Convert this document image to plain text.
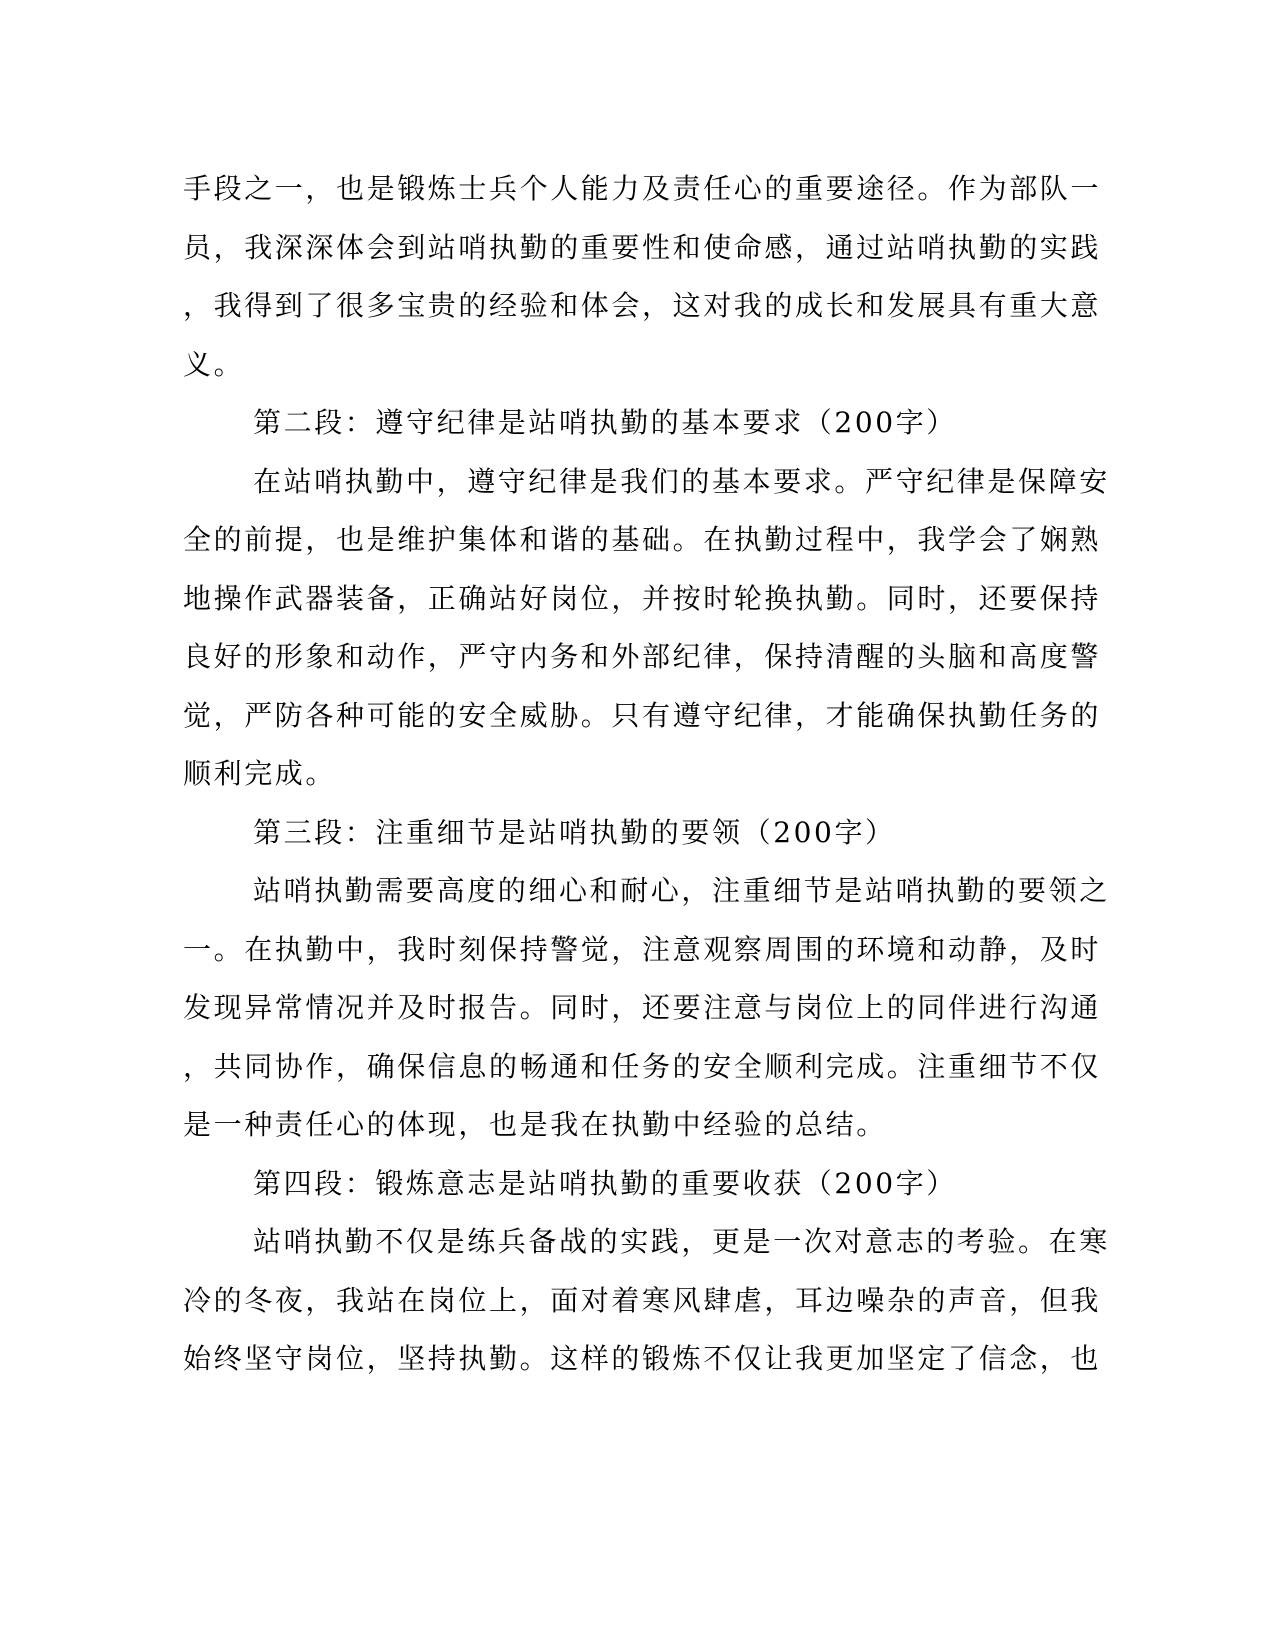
手段之一，也是锻炼士兵个人能力及责任心的重要途径。作为部队一
员，我深深体会到站哨执勤的重要性和使命感，通过站哨执勤的实践
，我得到了很多宝贵的经验和体会，这对我的成长和发展具有重大意
义。
第二段：遵守纪律是站哨执勤的基本要求（200字）
在站哨执勤中，遵守纪律是我们的基本要求。严守纪律是保障安
全的前提，也是维护集体和谐的基础。在执勤过程中，我学会了娴熟
地操作武器装备，正确站好岗位，并按时轮换执勤。同时，还要保持
良好的形象和动作，严守内务和外部纪律，保持清醒的头脑和高度警
觉，严防各种可能的安全威胁。只有遵守纪律，才能确保执勤任务的
顺利完成。
第三段：注重细节是站哨执勤的要领（200字）
站哨执勤需要高度的细心和耐心，注重细节是站哨执勤的要领之
一。在执勤中，我时刻保持警觉，注意观察周围的环境和动静，及时
发现异常情况并及时报告。同时，还要注意与岗位上的同伴进行沟通
，共同协作，确保信息的畅通和任务的安全顺利完成。注重细节不仅
是一种责任心的体现，也是我在执勤中经验的总结。
第四段：锻炼意志是站哨执勤的重要收获（200字）
站哨执勤不仅是练兵备战的实践，更是一次对意志的考验。在寒
冷的冬夜，我站在岗位上，面对着寒风肆虐，耳边噪杂的声音，但我
始终坚守岗位，坚持执勤。这样的锻炼不仅让我更加坚定了信念，也
